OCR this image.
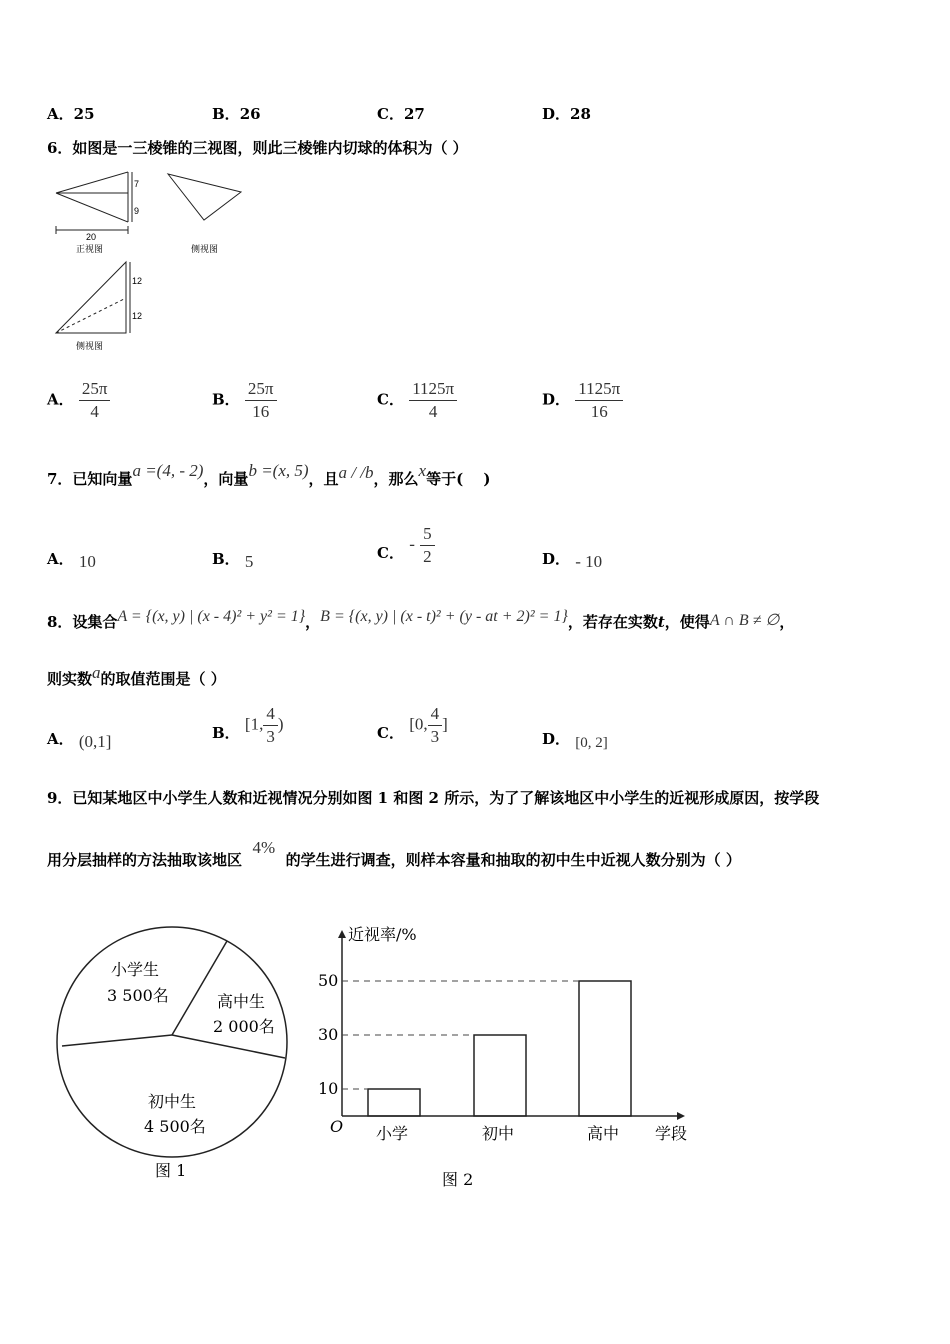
A．25	B．26	C．27	D．28
6．如图是一三棱锥的三视图，则此三棱锥内切球的体积为（ ）
7
9
20
正视图	侧视图
12
12
侧视图
A． $\frac{25\pi}{4}$	B． $\frac{25\pi}{16}$	C． $\frac{1125\pi}{4}$	D． $\frac{1125\pi}{16}$
7．已知向量a =(4, - 2)，向量b =(x, 5)，且a / /b，那么x等于(　 )
A． 10	B． 5	C． - $\frac{5}{2}$	D． - 10
8．设集合A = {(x, y) | (x - 4)² + y² = 1}，B = {(x, y) | (x - t)² + (y - at + 2)² = 1}，若存在实数t，使得A ∩ B ≠ ∅，
则实数a的取值范围是（ ）
A． (0,1]	B． [1, $\frac{4}{3}$ )	C． [0, $\frac{4}{3}$ ]
D． [0, 2]
9．已知某地区中小学生人数和近视情况分别如图 1 和图 2 所示，为了了解该地区中小学生的近视形成原因，按学段
用分层抽样的方法抽取该地区  4%  的学生进行调查，则样本容量和抽取的初中生中近视人数分别为（ ）
小学生
3 500名	高中生
2 000名
初中生
4 500名
图 1
10
小学
30
初中
50
高中
近视率/%
学段
O
图 2
